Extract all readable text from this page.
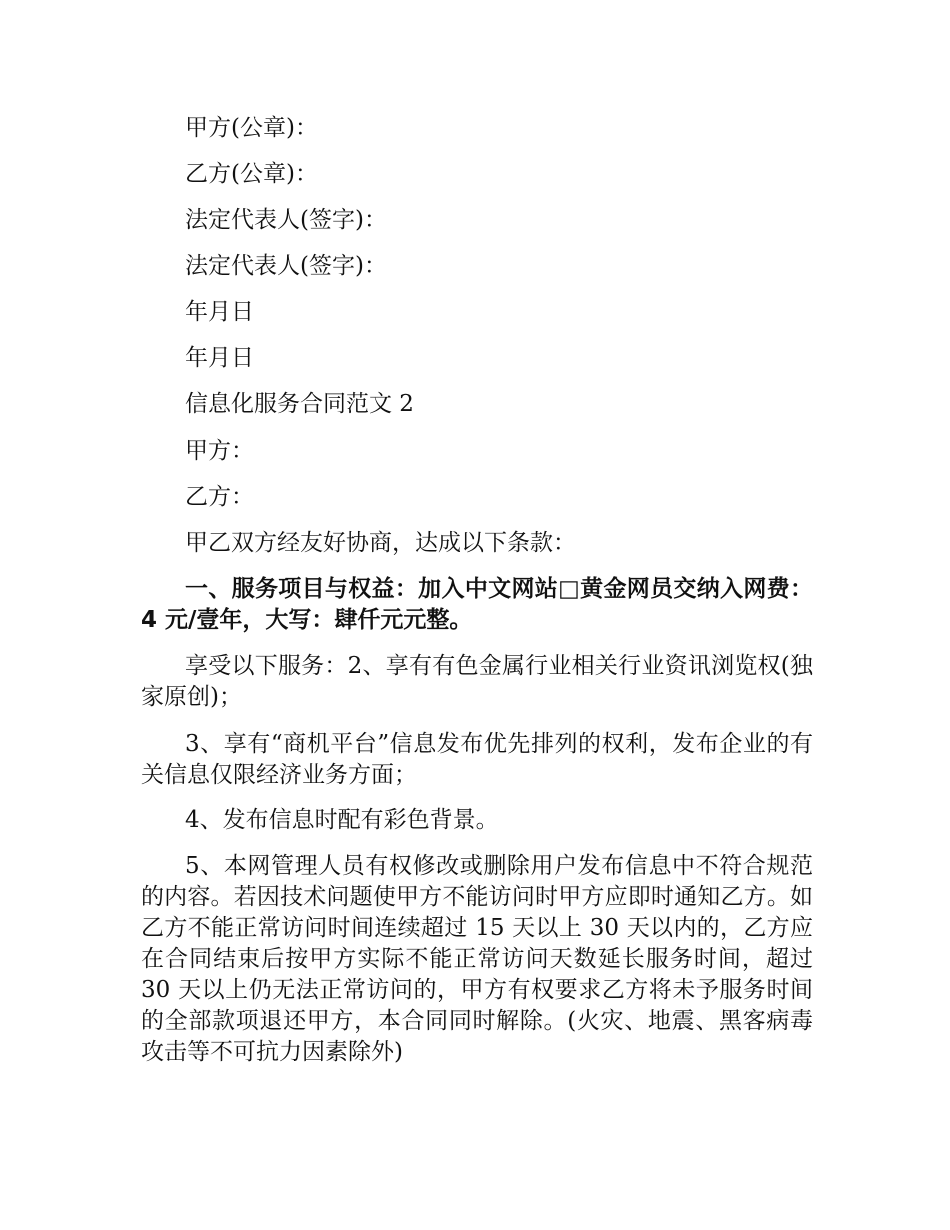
甲方(公章)：
乙方(公章)：
法定代表人(签字)：
法定代表人(签字)：
年月日
年月日
信息化服务合同范文 2
甲方：
乙方：
甲乙双方经友好协商，达成以下条款：
一、服务项目与权益：加入中文网站□黄金网员交纳入网费：4 元/壹年，大写：肆仟元元整。
享受以下服务：2、享有有色金属行业相关行业资讯浏览权(独家原创)；
3、享有“商机平台”信息发布优先排列的权利，发布企业的有关信息仅限经济业务方面；
4、发布信息时配有彩色背景。
5、本网管理人员有权修改或删除用户发布信息中不符合规范的内容。若因技术问题使甲方不能访问时甲方应即时通知乙方。如乙方不能正常访问时间连续超过 15 天以上 30 天以内的，乙方应在合同结束后按甲方实际不能正常访问天数延长服务时间，超过 30 天以上仍无法正常访问的，甲方有权要求乙方将未予服务时间的全部款项退还甲方，本合同同时解除。(火灾、地震、黑客病毒攻击等不可抗力因素除外)
